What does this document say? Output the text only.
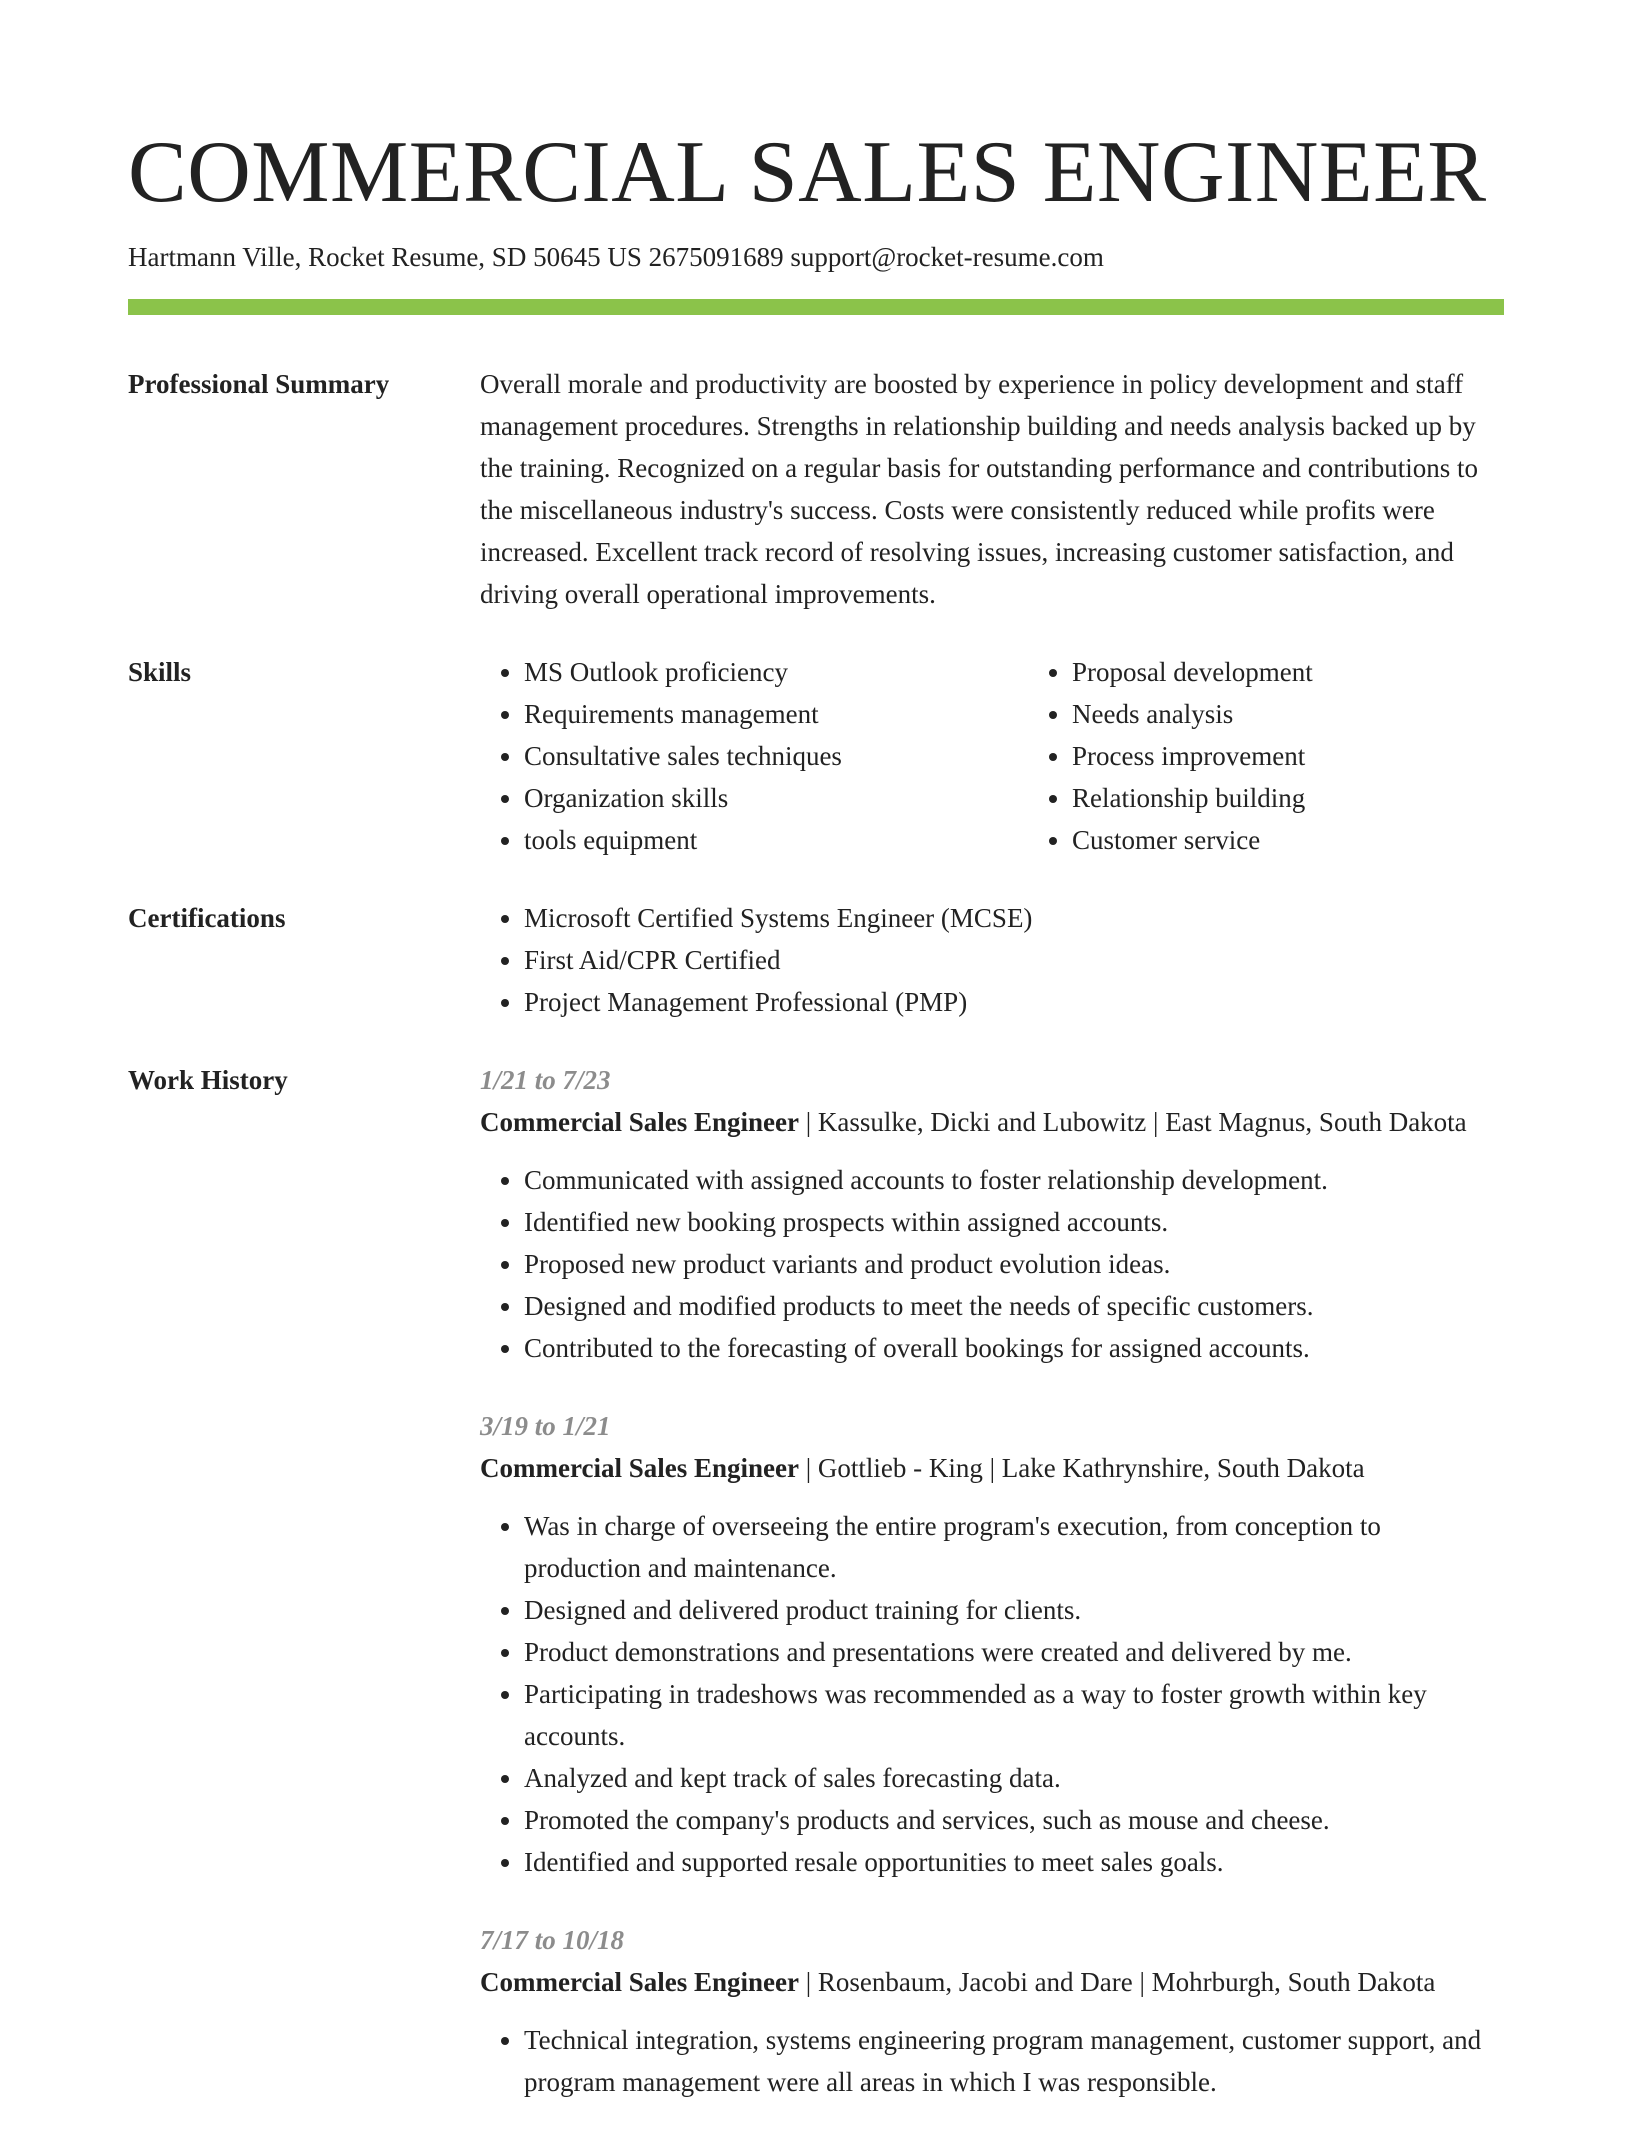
COMMERCIAL SALES ENGINEER

Hartmann Ville, Rocket Resume, SD 50645 US 2675091689 support@rocket-resume.com

Professional Summary	Overall morale and productivity are boosted by experience in policy development and staff management procedures. Strengths in relationship building and needs analysis backed up by the training. Recognized on a regular basis for outstanding performance and contributions to the miscellaneous industry's success. Costs were consistently reduced while profits were increased. Excellent track record of resolving issues, increasing customer satisfaction, and driving overall operational improvements.

Skills	• MS Outlook proficiency
• Requirements management
• Consultative sales techniques
• Organization skills
• tools equipment
• Proposal development
• Needs analysis
• Process improvement
• Relationship building
• Customer service
Certifications	• Microsoft Certified Systems Engineer (MCSE)
• First Aid/CPR Certified
• Project Management Professional (PMP)
Work History	1/21 to 7/23
Commercial Sales Engineer | Kassulke, Dicki and Lubowitz | East Magnus, South Dakota
• Communicated with assigned accounts to foster relationship development.
• Identified new booking prospects within assigned accounts.
• Proposed new product variants and product evolution ideas.
• Designed and modified products to meet the needs of specific customers.
• Contributed to the forecasting of overall bookings for assigned accounts.
3/19 to 1/21
Commercial Sales Engineer | Gottlieb - King | Lake Kathrynshire, South Dakota
• Was in charge of overseeing the entire program's execution, from conception to production and maintenance.
• Designed and delivered product training for clients.
• Product demonstrations and presentations were created and delivered by me.
• Participating in tradeshows was recommended as a way to foster growth within key accounts.
• Analyzed and kept track of sales forecasting data.
• Promoted the company's products and services, such as mouse and cheese.
• Identified and supported resale opportunities to meet sales goals.
7/17 to 10/18
Commercial Sales Engineer | Rosenbaum, Jacobi and Dare | Mohrburgh, South Dakota
• Technical integration, systems engineering program management, customer support, and program management were all areas in which I was responsible.
